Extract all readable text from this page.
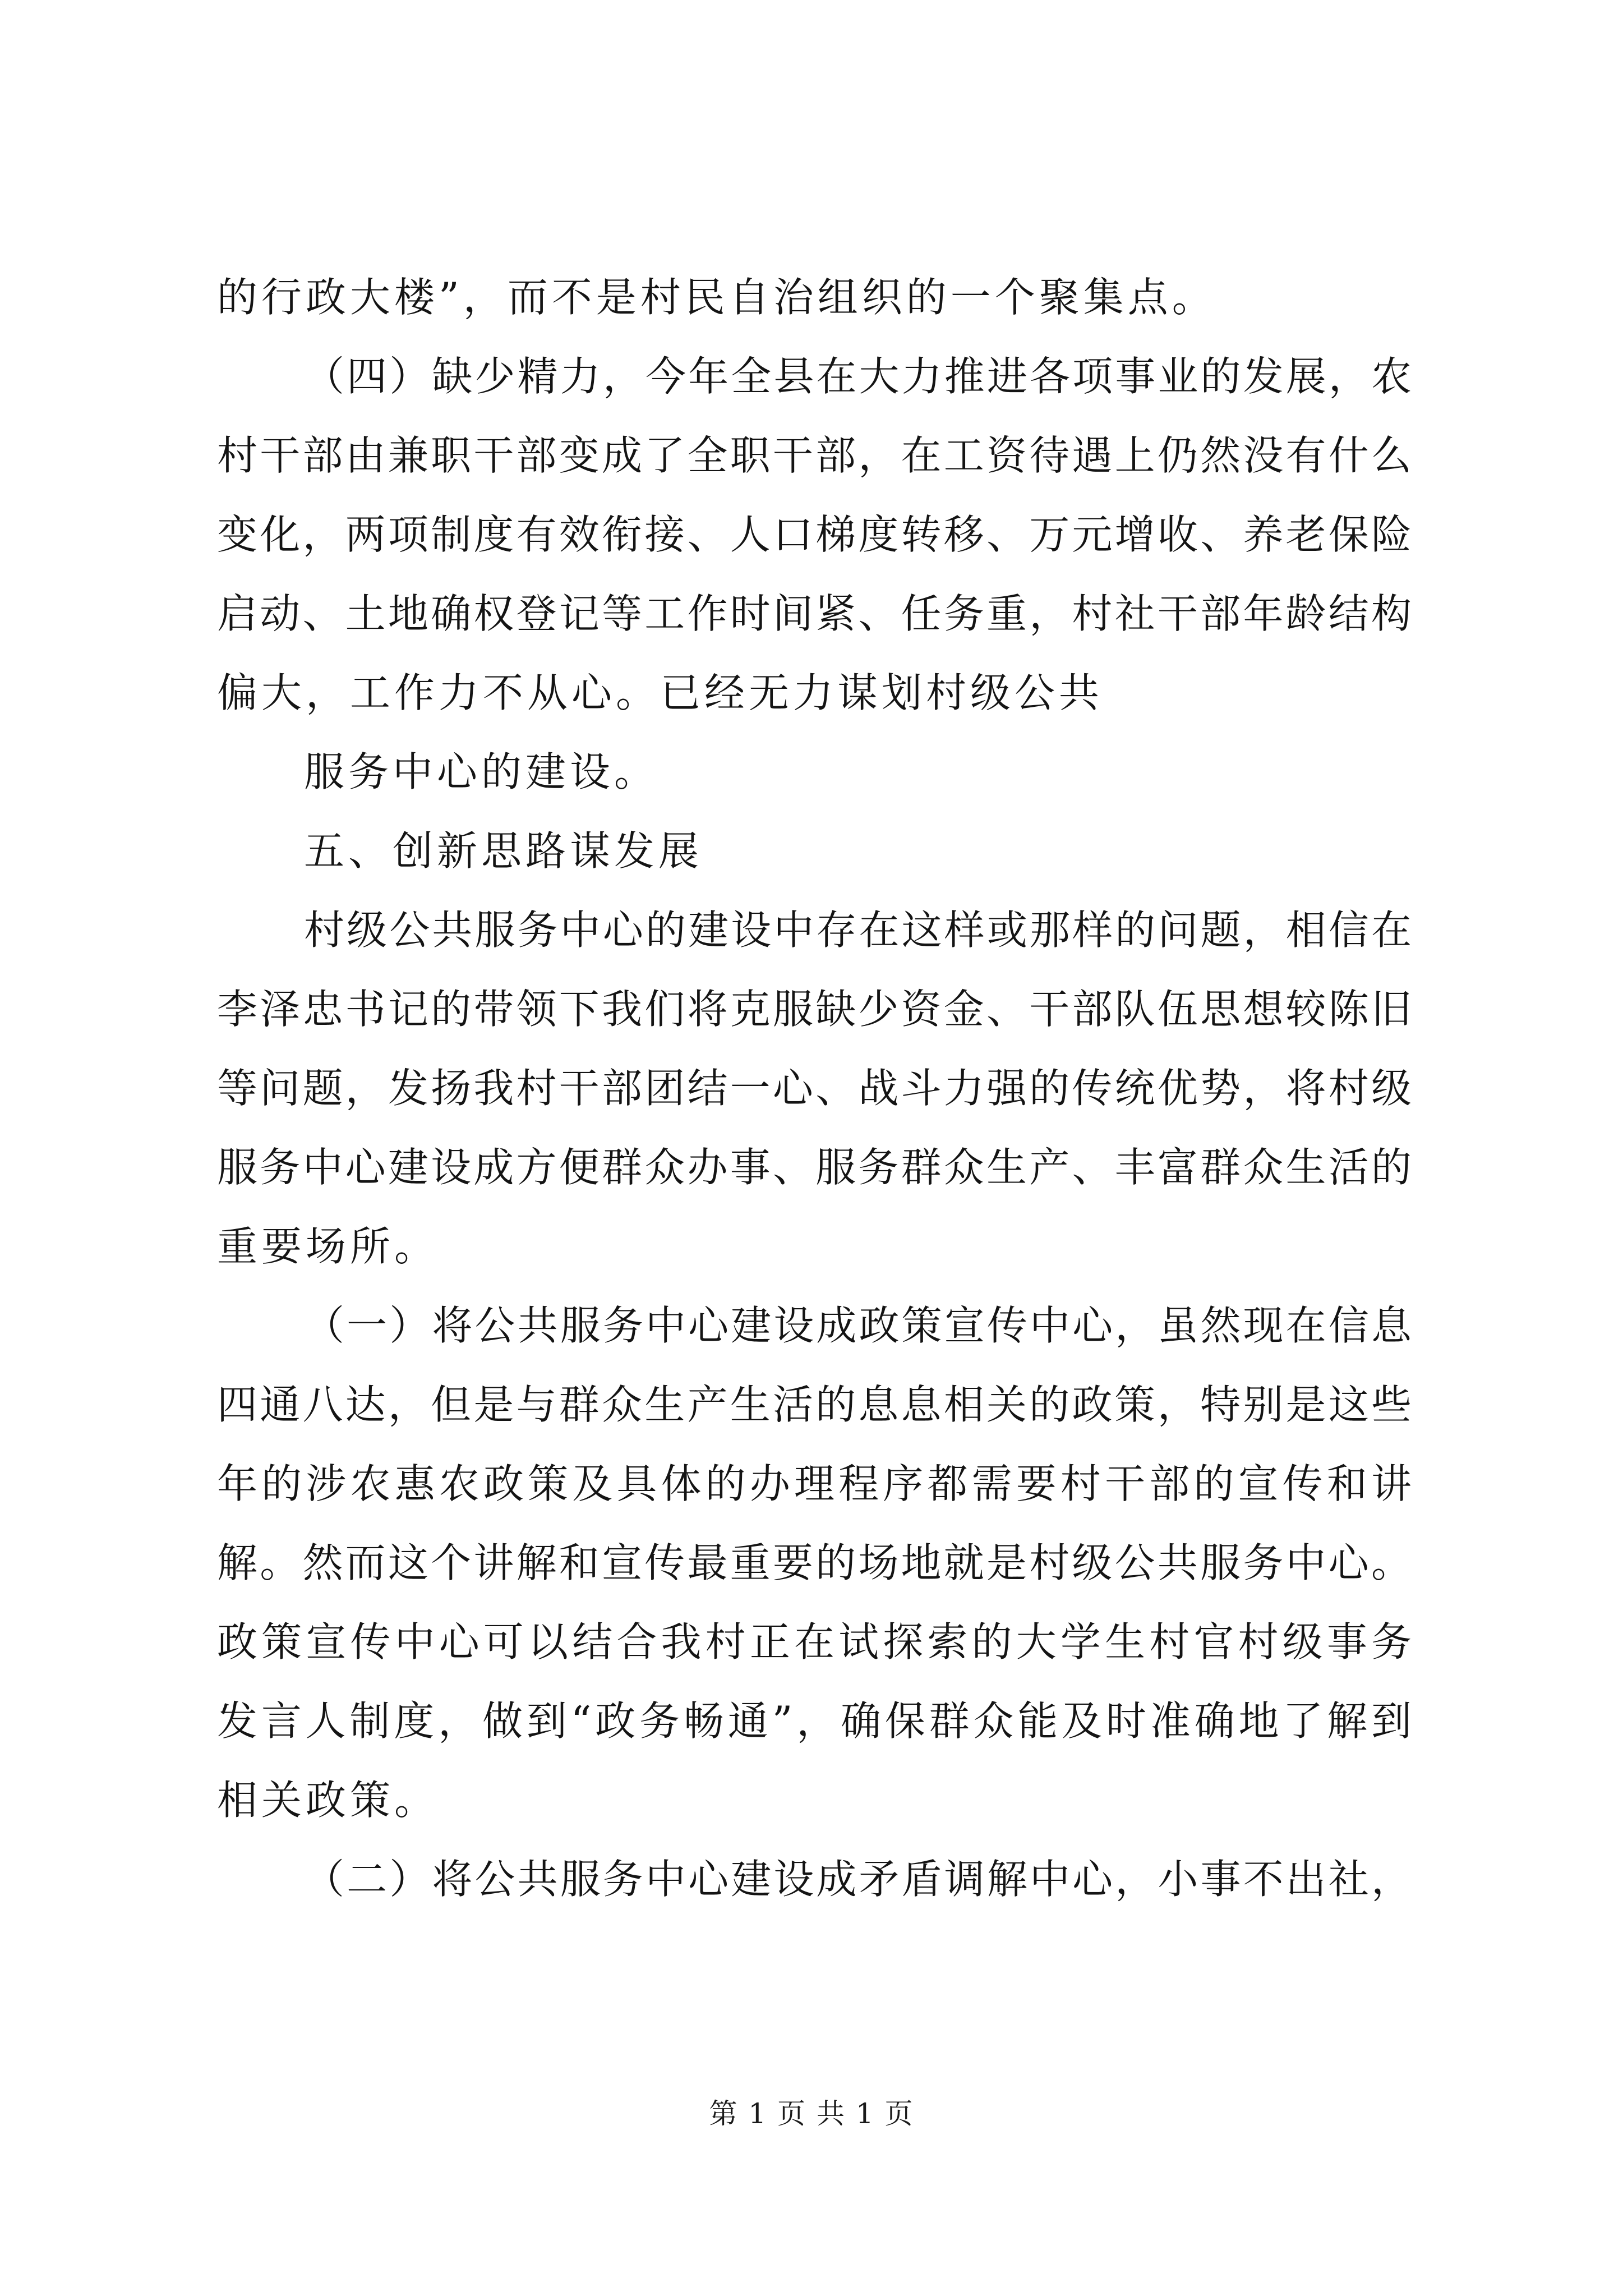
的行政大楼”，而不是村民自治组织的一个聚集点。
（四）缺少精力，今年全县在大力推进各项事业的发展，农
村干部由兼职干部变成了全职干部，在工资待遇上仍然没有什么
变化，两项制度有效衔接、人口梯度转移、万元增收、养老保险
启动、土地确权登记等工作时间紧、任务重，村社干部年龄结构
偏大，工作力不从心。已经无力谋划村级公共
服务中心的建设。
五、创新思路谋发展
村级公共服务中心的建设中存在这样或那样的问题，相信在
李泽忠书记的带领下我们将克服缺少资金、干部队伍思想较陈旧
等问题，发扬我村干部团结一心、战斗力强的传统优势，将村级
服务中心建设成方便群众办事、服务群众生产、丰富群众生活的
重要场所。
（一）将公共服务中心建设成政策宣传中心，虽然现在信息
四通八达，但是与群众生产生活的息息相关的政策，特别是这些
年的涉农惠农政策及具体的办理程序都需要村干部的宣传和讲
解。然而这个讲解和宣传最重要的场地就是村级公共服务中心。
政策宣传中心可以结合我村正在试探索的大学生村官村级事务
发言人制度，做到“政务畅通”，确保群众能及时准确地了解到
相关政策。
（二）将公共服务中心建设成矛盾调解中心，小事不出社，
第 1 页 共 1 页
